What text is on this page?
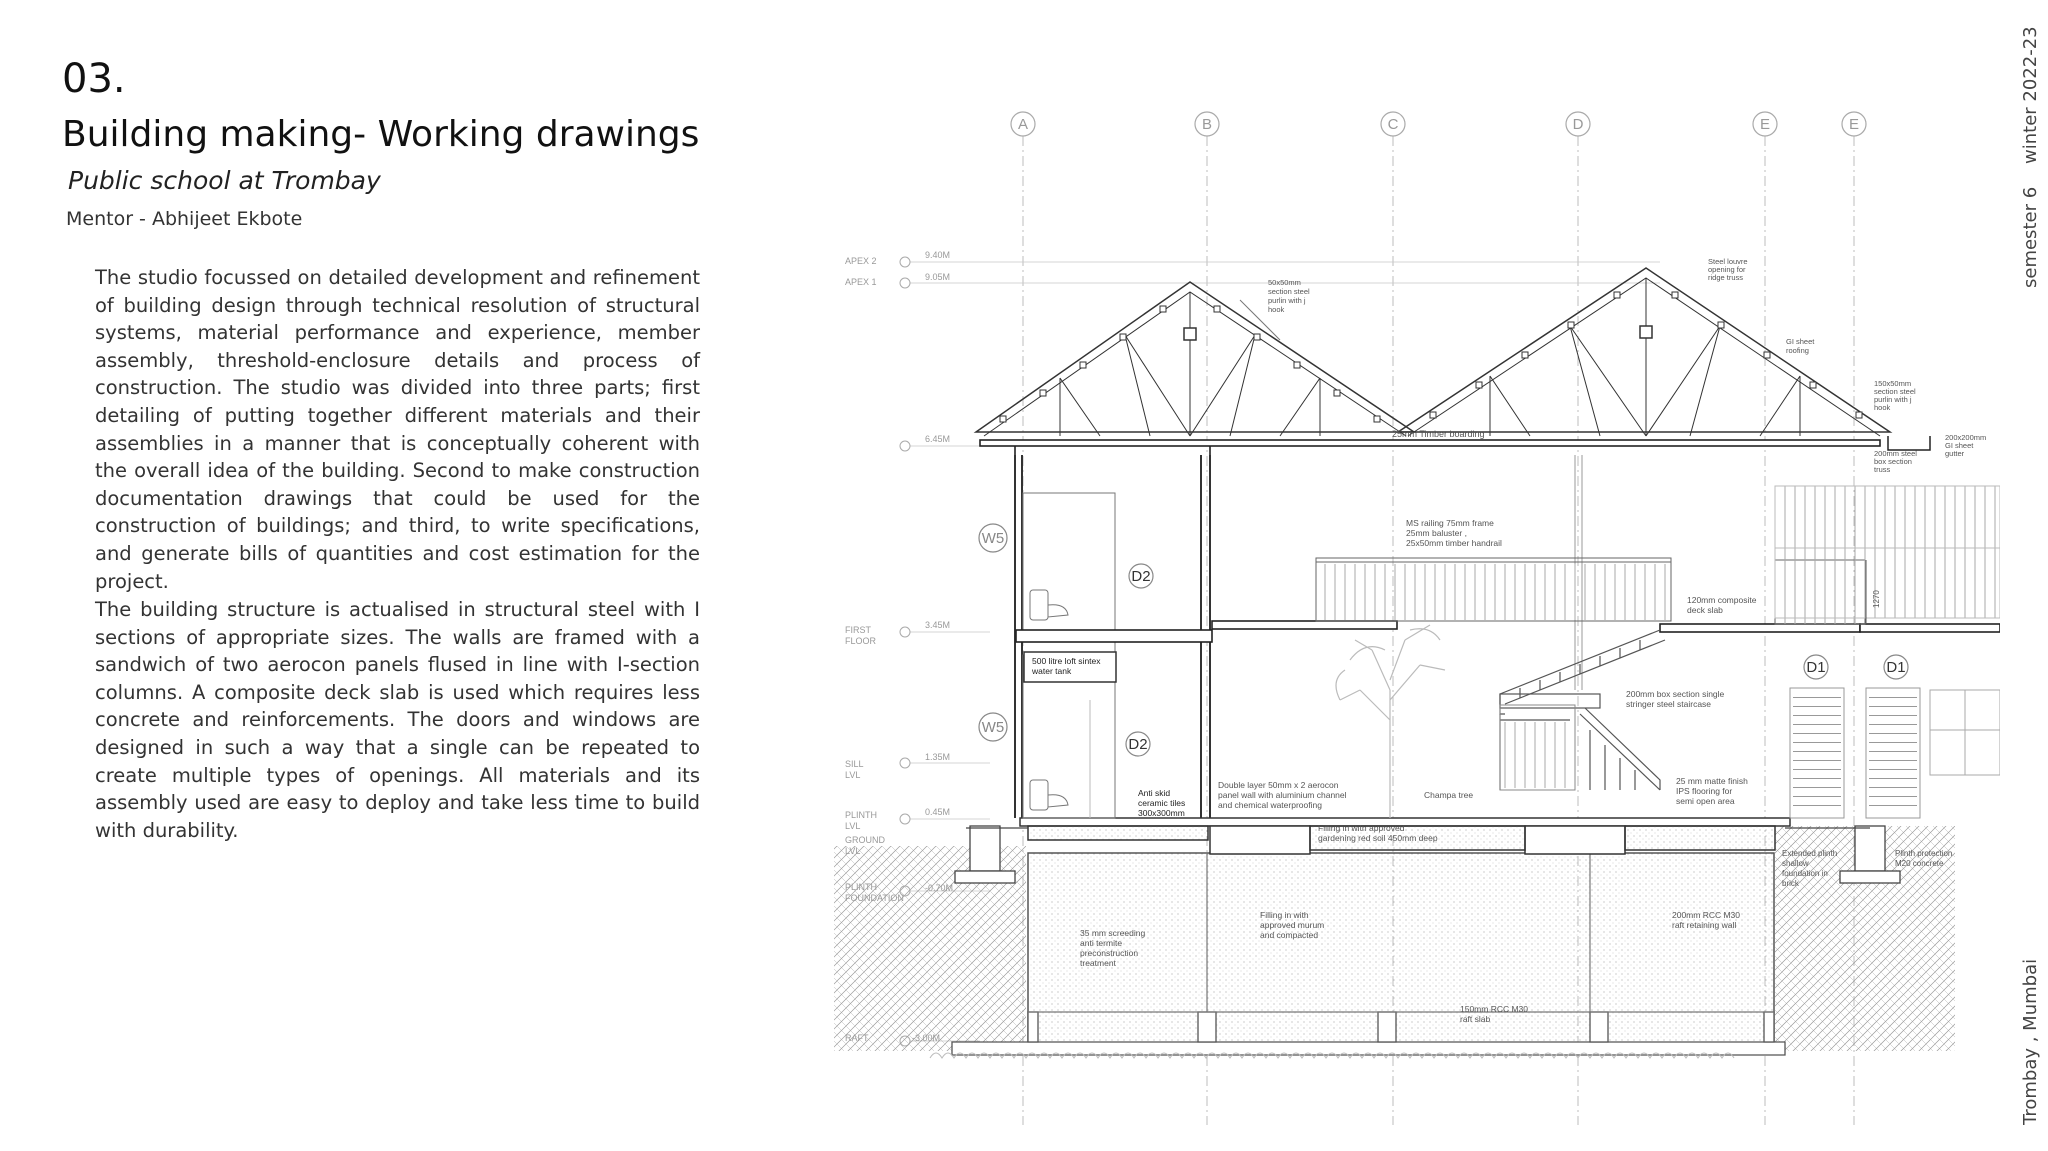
03.
Building making- Working drawings
Public school at Trombay
Mentor - Abhijeet Ekbote

The studio focussed on detailed development and refinement of building design through technical resolution of structural systems, material performance and experience, member assembly, threshold-enclosure details and process of construction. The studio was divided into three parts; first detailing of putting together different materials and their assemblies in a manner that is conceptually coherent with the overall idea of the building. Second to make construction documentation drawings that could be used for the construction of buildings; and third, to write specifications, and generate bills of quantities and cost estimation for the project.

The building structure is actualised in structural steel with I sections of appropriate sizes. The walls are framed with a sandwich of two aerocon panels flused in line with I-section columns. A composite deck slab is used which requires less concrete and reinforcements. The doors and windows are designed in such a way that a single can be repeated to create multiple types of openings. All materials and its assembly used are easy to deploy and take less time to build with durability.

winter 2022-23
semester 6
Trombay , Mumbai
A	B	C	D	E	E
APEX 2
9.40M
APEX 1	9.05M
6.45M
FIRST
FLOOR
3.45M
SILL
LVL
1.35M
PLINTH
LVL
0.45M
GROUND
W5
W5
D2
D2
D1	D1
50x50mm
section steel
purlin with j
hook
Steel louvre
opening for
ridge truss
GI sheet
roofing
150x50mm
section steel
purlin with j
hook
200mm steel
box section
truss
200x200mm
GI sheet
gutter
25mm Timber boarding
MS railing 75mm frame
25mm baluster ,
25x50mm timber handrail
120mm composite
deck slab
500 litre loft sintex
water tank
200mm box section single
stringer steel staircase
Anti skid
ceramic tiles
300x300mm
Double layer 50mm x 2 aerocon
panel wall with aluminium channel
and chemical waterproofing
Champa tree
25 mm matte finish
IPS flooring for
semi open area
Filling in with approved
gardening red soil 450mm deep
Filling in with
approved murum
and compacted
35 mm screeding
anti termite
preconstruction
treatment
200mm RCC M30
raft retaining wall
150mm RCC M30
raft slab
Extended plinth
shallow
foundation in
brick
Plinth protection
M20 concrete
1270
